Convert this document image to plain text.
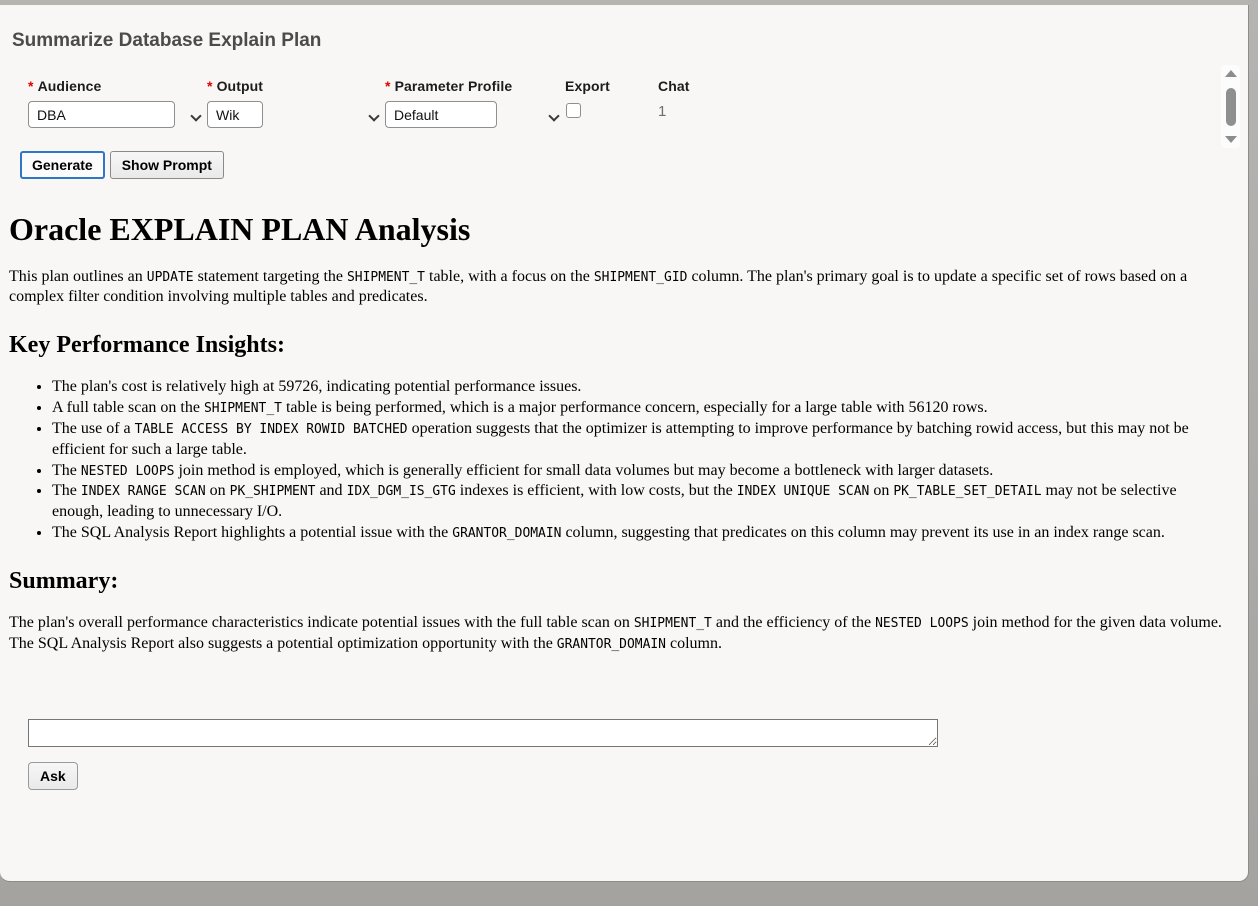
Summarize Database Explain Plan
* Audience
DBA	* Output
Wiki	* Parameter Profile
Default	Export	Chat
1
Generate	Show Prompt
Oracle EXPLAIN PLAN Analysis

This plan outlines an UPDATE statement targeting the SHIPMENT_T table, with a focus on the SHIPMENT_GID column. The plan's primary goal is to update a specific set of rows based on a complex filter condition involving multiple tables and predicates.

Key Performance Insights:
• The plan's cost is relatively high at 59726, indicating potential performance issues.
• A full table scan on the SHIPMENT_T table is being performed, which is a major performance concern, especially for a large table with 56120 rows.
• The use of a TABLE ACCESS BY INDEX ROWID BATCHED operation suggests that the optimizer is attempting to improve performance by batching rowid access, but this may not be efficient for such a large table.
• The NESTED LOOPS join method is employed, which is generally efficient for small data volumes but may become a bottleneck with larger datasets.
• The INDEX RANGE SCAN on PK_SHIPMENT and IDX_DGM_IS_GTG indexes is efficient, with low costs, but the INDEX UNIQUE SCAN on PK_TABLE_SET_DETAIL may not be selective enough, leading to unnecessary I/O.
• The SQL Analysis Report highlights a potential issue with the GRANTOR_DOMAIN column, suggesting that predicates on this column may prevent its use in an index range scan.
Summary:

The plan's overall performance characteristics indicate potential issues with the full table scan on SHIPMENT_T and the efficiency of the NESTED LOOPS join method for the given data volume. The SQL Analysis Report also suggests a potential optimization opportunity with the GRANTOR_DOMAIN column.

Ask
